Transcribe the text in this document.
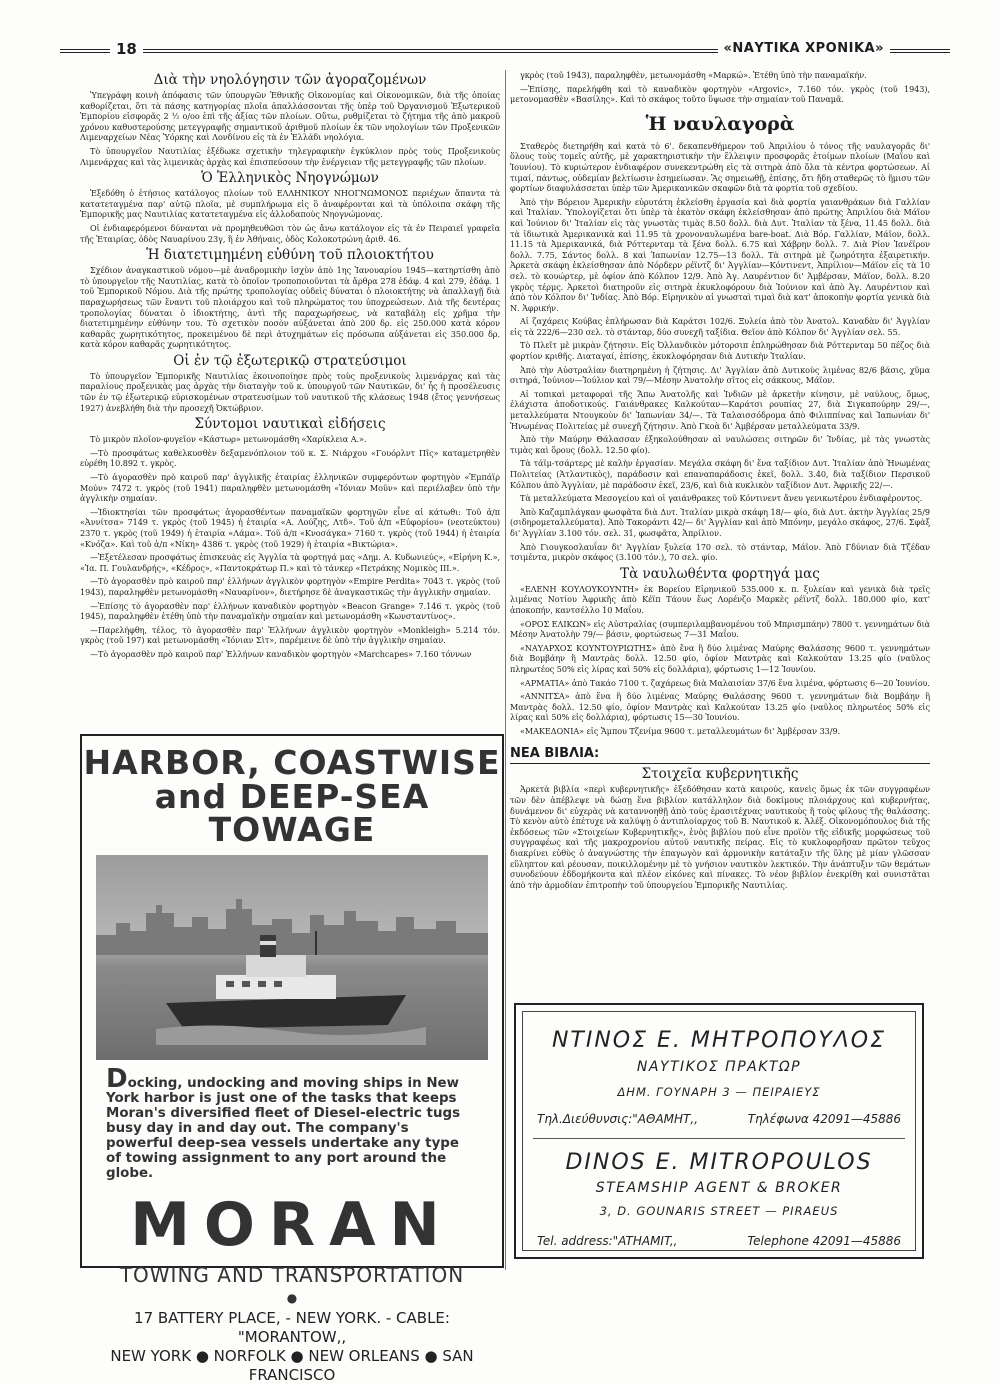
18	«ΝΑΥΤΙΚΑ ΧΡΟΝΙΚΑ»
Διὰ τὴν νηολόγησιν τῶν ἀγοραζομένων

Ὑπεγράφη κοινὴ ἀπόφασις τῶν ὑπουργῶν Ἐθνικῆς Οἰκονομίας καὶ Οἰκονομικῶν, διὰ τῆς ὁποίας καθορίζεται, ὅτι τὰ πάσης κατηγορίας πλοῖα ἀπαλλάσσονται τῆς ὑπὲρ τοῦ Ὀργανισμοῦ Ἐξωτερικοῦ Ἐμπορίου εἰσφορᾶς 2 ½ ο/οο ἐπὶ τῆς ἀξίας τῶν πλοίων. Οὕτω, ρυθμίζεται τὸ ζήτημα τῆς ἀπὸ μακροῦ χρόνου καθυστερούσης μετεγγραφῆς σημαντικοῦ ἀριθμοῦ πλοίων ἐκ τῶν νηολογίων τῶν Προξενικῶν Λιμεναρχείων Νέας Ὑόρκης καὶ Λονδίνου εἰς τὰ ἐν Ἑλλάδι νηολόγια.

Τὸ ὑπουργεῖον Ναυτιλίας ἐξέδωκε σχετικὴν τηλεγραφικὴν ἐγκύκλιον πρὸς τοὺς Προξενικοὺς Λιμενάρχας καὶ τὰς λιμενικὰς ἀρχὰς καὶ ἐπισπεύσουν τὴν ἐνέργειαν τῆς μετεγγραφῆς τῶν πλοίων.

Ὁ Ἑλληνικὸς Νηογνώμων

Ἐξεδόθη ὁ ἐτήσιος κατάλογος πλοίων τοῦ ΕΛΛΗΝΙΚΟΥ ΝΗΟΓΝΩΜΟΝΟΣ περιέχων ἅπαντα τὰ κατατεταγμένα παρ' αὐτῷ πλοῖα, μὲ συμπλήρωμα εἰς ὃ ἀναφέρονται καὶ τὰ ὑπόλοιπα σκάφη τῆς Ἐμπορικῆς μας Ναυτιλίας κατατεταγμένα εἰς ἀλλοδαποὺς Νηογνώμονας.

Οἱ ἐνδιαφερόμενοι δύνανται νὰ προμηθευθῶσι τὸν ὡς ἄνω κατάλογον εἰς τὰ ἐν Πειραιεῖ γραφεῖα τῆς Ἑταιρίας, ὁδὸς Ναυαρίνου 23γ, ἢ ἐν Ἀθήναις, ὁδὸς Κολοκοτρώνη ἀριθ. 46.

Ἡ διατετιμημένη εὐθύνη τοῦ πλοιοκτήτου

Σχέδιον ἀναγκαστικοῦ νόμου—μὲ ἀναδρομικὴν ἰσχὺν ἀπὸ 1ης Ἰανουαρίου 1945—κατηρτίσθη ἀπὸ τὸ ὑπουργεῖον τῆς Ναυτιλίας, κατὰ τὸ ὁποῖον τροποποιοῦνται τὰ ἄρθρα 278 ἐδάφ. 4 καὶ 279, ἐδάφ. 1 τοῦ Ἐμπορικοῦ Νόμου. Διὰ τῆς πρώτης τροπολογίας οὐδεὶς δύναται ὁ πλοιοκτήτης νὰ ἀπαλλαγῇ διὰ παραχωρήσεως τῶν ἔναντι τοῦ πλοιάρχου καὶ τοῦ πληρώματος του ὑποχρεώσεων. Διὰ τῆς δευτέρας τροπολογίας δύναται ὁ ἰδιοκτήτης, ἀντὶ τῆς παραχωρήσεως, νὰ καταβάλῃ εἰς χρῆμα τὴν διατετιμημένην εὐθύνην του. Τὸ σχετικὸν ποσὸν αὐξάνεται ἀπὸ 200 δρ. εἰς 250.000 κατὰ κόρον καθαρᾶς χωρητικότητος, προκειμένου δὲ περὶ ἀτυχημάτων εἰς πρόσωπα αὐξάνεται εἰς 350.000 δρ. κατὰ κόρον καθαρᾶς χωρητικότητος.

Οἱ ἐν τῷ ἐξωτερικῷ στρατεύσιμοι

Τὸ ὑπουργεῖον Ἐμπορικῆς Ναυτιλίας ἐκοινοποίησε πρὸς τοὺς προξενικοὺς λιμενάρχας καὶ τὰς παραλίους προξενικὰς μας ἀρχὰς τὴν διαταγὴν τοῦ κ. ὑπουργοῦ τῶν Ναυτικῶν, δι' ἧς ἡ προσέλευσις τῶν ἐν τῷ ἐξωτερικῷ εὑρισκομένων στρατευσίμων τοῦ ναυτικοῦ τῆς κλάσεως 1948 (ἔτος γεννήσεως 1927) ἀνεβλήθη διὰ τὴν προσεχῆ Ὀκτώβριον.

Σύντομοι ναυτικαὶ εἰδήσεις

Τὸ μικρὸν πλοῖον-φυγεῖον «Κάστωρ» μετωνομάσθη «Χαρίκλεια Α.».

—Τὸ προσφάτως καθελκυσθὲν δεξαμενόπλοιον τοῦ κ. Σ. Νιάρχου «Γουόρλντ Πῖς» καταμετρηθὲν εὑρέθη 10.892 τ. γκρὸς.

—Τὸ ἀγορασθὲν πρὸ καιροῦ παρ' ἀγγλικῆς ἑταιρίας ἑλληνικῶν συμφερόντων φορτηγὸν «Ἐμπάϊρ Μούν» 7472 τ. γκρὸς (τοῦ 1941) παραληφθὲν μετωνομάσθη «Ἰόνιαν Μοῦν» καὶ περιέλαβεν ὑπὸ τὴν ἀγγλικὴν σημαίαν.

—Ἰδιοκτησίαι τῶν προσφάτως ἀγορασθέντων παναμαϊκῶν φορτηγῶν εἶνε αἱ κάτωθι: Τοῦ ἀ/π «Ἀννίτσα» 7149 τ. γκρὸς (τοῦ 1945) ἡ ἑταιρία «Α. Λούζης, Λτδ». Τοῦ ἀ/π «Εὐφορίου» (νεοτεύκτου) 2370 τ. γκρὸς (τοῦ 1949) ἡ ἑταιρία «Λάμα». Τοῦ ἀ/π «Κνοσάγκα» 7160 τ. γκρὸς (τοῦ 1944) ἡ ἑταιρία «Κνόζα». Καὶ τοῦ ἀ/π «Νίκη» 4386 τ. γκρὸς (τοῦ 1929) ἡ ἑταιρία «Βικτώρια».

—Ἐξετέλεσαν προσφάτως ἐπισκευὰς εἰς Ἀγγλία τὰ φορτηγά μας «Δημ. Α. Κυδωνιεύς», «Εἰρήνη Κ.», «Ἰα. Π. Γουλανδρής», «Κέδρος», «Παντοκράτωρ Π.» καὶ τὸ τάνκερ «Πετράκης Νομικὸς ΙΙΙ.».

—Τὸ ἀγορασθὲν πρὸ καιροῦ παρ' ἑλλήνων ἀγγλικὸν φορτηγὸν «Empire Perdita» 7043 τ. γκρὸς (τοῦ 1943), παραληφθὲν μετωνομάσθη «Ναυαρίνον», διετήρησε δὲ ἀναγκαστικῶς τὴν ἀγγλικὴν σημαίαν.

—Ἐπίσης τὸ ἀγορασθὲν παρ' ἑλλήνων καναδικὸν φορτηγὸν «Beacon Grange» 7.146 τ. γκρὸς (τοῦ 1945), παραληφθὲν ἐτέθη ὑπὸ τὴν παναμαϊκὴν σημαίαν καὶ μετωνομάσθη «Κωνσταντίνος».

—Παρελήφθη, τέλος, τὸ ἀγορασθὲν παρ' Ἑλλήνων ἀγγλικὸν φορτηγὸν «Monkleigh» 5.214 τόν. γκρὸς (τοῦ 197) καὶ μετωνομάσθη «Ἰόνιαν Σὶτ», παρέμεινε δὲ ὑπὸ τὴν ἀγγλικὴν σημαίαν.

—Τὸ ἀγορασθὲν πρὸ καιροῦ παρ' Ἑλλήνων καναδικὸν φορτηγὸν «Marchcapes» 7.160 τόννων

HARBOR, COASTWISE
and DEEP-SEA TOWAGE
Docking, undocking and moving ships in New York harbor is just one of the tasks that keeps Moran's diversified fleet of Diesel-electric tugs busy day in and day out. The company's powerful deep-sea vessels undertake any type of towing assignment to any port around the globe.
MORAN
TOWING AND TRANSPORTATION
●
17 BATTERY PLACE, - NEW YORK. - CABLE: "MORANTOW,,
NEW YORK ● NORFOLK ● NEW ORLEANS ● SAN FRANCISCO

γκρὸς (τοῦ 1943), παραληφθὲν, μετωνομάσθη «Μαρκώ». Ἐτέθη ὑπὸ τὴν παναμαϊκήν.

—Ἐπίσης, παρελήφθη καὶ τὸ καναδικὸν φορτηγὸν «Argovic», 7.160 τόν. γκρὸς (τοῦ 1943), μετονομασθὲν «Βασίλης». Καὶ τὸ σκάφος τοῦτο ὕψωσε τὴν σημαίαν τοῦ Παναμᾶ.

Ἡ ναυλαγορὰ

Σταθερὸς διετηρήθη καὶ κατὰ τὸ 6'. δεκαπενθήμερον τοῦ Ἀπριλίου ὁ τόνος τῆς ναυλαγορᾶς δι' ὅλους τοὺς τομεῖς αὐτῆς, μὲ χαρακτηριστικὴν τὴν ἔλλειψιν προσφορᾶς ἑτοίμων πλοίων (Μαΐου καὶ Ἰουνίου). Τὸ κυριώτερον ἐνδιαφέρον συνεκεντρώθη εἰς τὰ σιτηρὰ ἀπὸ ὅλα τὰ κέντρα φορτώσεων. Αἱ τιμαί, πάντως, οὐδεμίαν βελτίωσιν ἐσημείωσαν. Ἂς σημειωθῇ, ἐπίσης, ὅτι ἤδη σταθερῶς τὸ ἥμισυ τῶν φορτίων διαφυλάσσεται ὑπὲρ τῶν Ἀμερικανικῶν σκαφῶν διὰ τὰ φορτία τοῦ σχεδίου.

Ἀπὸ τὴν Βόρειον Ἀμερικὴν εὐρυτάτη ἐκλείσθη ἐργασία καὶ διὰ φορτία γαιανθράκων διὰ Γαλλίαν καὶ Ἰταλίαν. Ὑπολογίζεται ὅτι ὑπὲρ τὰ ἑκατὸν σκάφη ἐκλείσθησαν ἀπὸ πρώτης Ἀπριλίου διὰ Μάϊον καὶ Ἰούνιον δι' Ἰταλίαν εἰς τὰς γνωστὰς τιμὰς 8.50 δολλ. διὰ Δυτ. Ἰταλίαν τὰ ξένα, 11.45 δολλ. διὰ τὰ ἰδιωτικὰ Ἀμερικανικὰ καὶ 11.95 τὰ χρονοναυλωμένα bare-boat. Διὰ Βόρ. Γαλλίαν, Μάϊον, δολλ. 11.15 τὰ Ἀμερικανικά, διὰ Ρόττερνταμ τὰ ξένα δολλ. 6.75 καὶ Χάβρην δολλ. 7. Διὰ Ρίον Ἰανέϊρον δολλ. 7.75, Σάντος δολλ. 8 καὶ Ἰαπωνίαν 12.75—13 δολλ. Τὰ σιτηρὰ μὲ ζωηρότητα ἐξαιρετικήν. Ἀρκετὰ σκάφη ἐκλείσθησαν ἀπὸ Νόρδερν ρέϊντζ δι' Ἀγγλίαν—Κόντινεντ, Ἀπρίλιον—Μάϊον εἰς τὰ 10 σελ. τὸ κουώρτερ, μὲ ὀφίον ἀπὸ Κόλπον 12/9. Ἀπὸ Ἀγ. Λαυρέντιον δι' Ἀμβέρσαν, Μάϊον, δολλ. 8.20 γκρὸς τέρμς. Ἀρκετοὶ διατηροῦν εἰς σιτηρὰ ἐκυκλοφόρουν διὰ Ἰούνιον καὶ ἀπὸ Ἀγ. Λαυρέντιον καὶ ἀπὸ τὸν Κόλπον δι' Ἰνδίας. Ἀπὸ Βόρ. Εἰρηνικὸν αἱ γνωσταὶ τιμαὶ διὰ κατ' ἀποκοπὴν φορτία γενικὰ διὰ Ν. Ἀφρικήν.

Αἱ ζαχάρεις Κούβας ἐπλήρωσαν διὰ Καράτσι 102/6. Ξυλεία ἀπὸ τὸν Ἀνατολ. Καναδὰν δι' Ἀγγλίαν εἰς τὰ 222/6—230 σελ. τὸ στάνταρ, δύο συνεχῆ ταξίδια. Θεῖον ἀπὸ Κόλπον δι' Ἀγγλίαν σελ. 55.

Τὸ Πλεῖτ μὲ μικρὰν ζήτησιν. Εἰς Ὀλλανδικὸν μότορσιπ ἐπληρώθησαν διὰ Ρόττερνταμ 50 πέζος διὰ φορτίον κριθῆς. Διαταγαί, ἐπίσης, ἐκυκλοφόρησαν διὰ Δυτικὴν Ἰταλίαν.

Ἀπὸ τὴν Αὐστραλίαν διατηρημένη ἡ ζήτησις. Δι' Ἀγγλίαν ἀπὸ Δυτικοὺς λιμένας 82/6 βάσις, χῦμα σιτηρά, Ἰούνιον—Ἰούλιον καὶ 79/—Μέσην Ἀνατολὴν σῖτος εἰς σάκκους, Μάϊον.

Αἱ τοπικαὶ μεταφοραὶ τῆς Ἄπω Ἀνατολῆς καὶ Ἰνδιῶν μὲ ἀρκετὴν κίνησιν, μὲ ναύλους, ὅμως, ἐλάχιστα ἀποδοτικούς. Γαιάνθρακες Καλκούταν—Καράτσι ρουπίας 27, διὰ Σιγκαπούρην 29/—, μεταλλεύματα Ντουγκοὺν δι' Ἰαπωνίαν 34/—. Τὰ Ταλαισσόδρομα ἀπὸ Φιλιππίνας καὶ Ἰαπωνίαν δι' Ἡνωμένας Πολιτείας μὲ συνεχῆ ζήτησιν. Ἀπὸ Γκοὰ δι' Ἀμβέρσαν μεταλλεύματα 33/9.

Ἀπὸ τὴν Μαύρην Θάλασσαν ἐξηκολούθησαν αἱ ναυλώσεις σιτηρῶν δι' Ἰνδίας, μὲ τὰς γνωστὰς τιμὰς καὶ ὅρους (δολλ. 12.50 φίο).

Τὰ τάϊμ-τσάρτερς μὲ καλὴν ἐργασίαν. Μεγάλα σκάφη δι' ἕνα ταξίδιον Δυτ. Ἰταλίαν ἀπὸ Ἡνωμένας Πολιτείας (Ἀτλαντικὸς), παράδοσιν καὶ επαναπαράδοσις ἐκεῖ, δολλ. 3.40, διὰ ταξίδιον Περσικοῦ Κόλπου ἀπὸ Ἀγγλίαν, μὲ παράδοσιν ἐκεῖ, 23/6, καὶ διὰ κυκλικὸν ταξίδιον Δυτ. Ἀφρικῆς 22/—.

Τὰ μεταλλεύματα Μεσογείου καὶ οἱ γαιάνθρακες τοῦ Κόντινεντ ἄνευ γενικωτέρου ἐνδιαφέροντος.

Ἀπὸ Καζαμπλάγκαν φωσφᾶτα διὰ Δυτ. Ἰταλίαν μικρὰ σκάφη 18/— φίο, διὰ Δυτ. ἀκτὴν Ἀγγλίας 25/9 (σιδηρομεταλλεύματα). Ἀπὸ Τακοράντι 42/— δι' Ἀγγλίαν καὶ ἀπὸ Μπόνην, μεγάλο σκάφος, 27/6. Σφὰξ δι' Ἀγγλίαν 3.100 τόν. σελ. 31, φωσφᾶτα, Ἀπρίλιον.

Ἀπὸ Γιουγκοσλαυΐαν δι' Ἀγγλίαν ξυλεία 170 σελ. τὸ στάνταρ, Μάϊον. Ἀπὸ Γδύνιαν διὰ Τζέδαν τσιμέντα, μικρὸν σκάφος (3.100 τόν.), 70 σελ. φίο.

Τὰ ναυλωθέντα φορτηγά μας

«ΕΛΕΝΗ ΚΟΥΛΟΥΚΟΥΝΤΗ» ἐκ Βορείου Εἰρηνικοῦ 535.000 κ. π. ξυλείαν καὶ γενικὰ διὰ τρεῖς λιμένας Νοτίου Ἀφρικῆς ἀπὸ Κέϊπ Τάουν ἕως Λορένζο Μαρκὲς ρέϊντζ δολλ. 180.000 φίο, κατ' ἀποκοπήν, καντσέλλο 10 Μαΐου.

«ΟΡΟΣ ΕΛΙΚΩΝ» εἰς Αὐστραλίας (συμπεριλαμβανομένου τοῦ Μπρισμπάην) 7800 τ. γεννημάτων διὰ Μέσην Ἀνατολὴν 79/— βάσιν, φορτώσεως 7—31 Μαΐου.

«ΝΑΥΑΡΧΟΣ ΚΟΥΝΤΟΥΡΙΩΤΗΣ» ἀπὸ ἕνα ἢ δύο λιμένας Μαύρης Θαλάσσης 9600 τ. γεννημάτων διὰ Βομβάην ἢ Μαντρὰς δολλ. 12.50 φίο, ὀφίον Μαντρὰς καὶ Καλκούταν 13.25 φίο (ναῦλος πληρωτέος 50% εἰς λίρας καὶ 50% εἰς δολλάρια), φόρτωσις 1—12 Ἰουνίου.

«ΑΡΜΑΤΙΑ» ἀπὸ Τακάο 7100 τ. ζαχάρεως διὰ Μαλαισίαν 37/6 ἕνα λιμένα, φόρτωσις 6—20 Ἰουνίου.

«ΑΝΝΙΤΣΑ» ἀπὸ ἕνα ἢ δύο λιμένας Μαύρης Θαλάσσης 9600 τ. γεννημάτων διὰ Βομβάην ἢ Μαντρὰς δολλ. 12.50 φίο, ὀφίον Μαντρὰς καὶ Καλκούταν 13.25 φίο (ναῦλος πληρωτέος 50% εἰς λίρας καὶ 50% εἰς δολλάρια), φόρτωσις 15—30 Ἰουνίου.

«ΜΑΚΕΔΟΝΙΑ» εἰς Ἄμπου Τζενίμα 9600 τ. μεταλλευμάτων δι' Ἀμβέρσαν 33/9.

ΝΕΑ ΒΙΒΛΙΑ:
Στοιχεῖα κυβερνητικῆς

Ἀρκετὰ βιβλία «περὶ κυβερνητικῆς» ἐξεδόθησαν κατὰ καιρούς, κανεὶς ὅμως ἐκ τῶν συγγραφέων τῶν δὲν ἀπέβλεψε νὰ δώσῃ ἕνα βιβλίον κατάλληλον διὰ δοκίμους πλοιάρχους καὶ κυβερνήτας, δυνάμενον δι' εὐχερὰς νὰ καταννοηθῇ ἀπὸ τοὺς ἐρασιτέχνας ναυτικοὺς ἢ τοὺς φίλους τῆς θαλάσσης. Τὸ κενὸν αὐτὸ ἐπέτυχε νὰ καλύψῃ ὁ ἀντιπλοίαρχος τοῦ Β. Ναυτικοῦ κ. Ἀλέξ. Οἰκονομόπουλος διὰ τῆς ἐκδόσεως τῶν «Στοιχείων Κυβερνητικῆς», ἑνὸς βιβλίου ποὺ εἶνε προϊὸν τῆς εἰδικῆς μορφώσεως τοῦ συγγραφέως καὶ τῆς μακροχρονίου αὐτοῦ ναυτικῆς πείρας. Εἰς τὸ κυκλοφορῆσαν πρῶτον τεῦχος διακρίνει εὐθὺς ὁ ἀναγνώστης τὴν ἐπαγωγὸν καὶ ἁρμονικὴν κατάταξιν τῆς ὕλης μὲ μίαν γλῶσσαν εὔληπτον καὶ ρέουσαν, ποικιλλομένην μὲ τὸ γνήσιον ναυτικὸν λεκτικόν. Τὴν ἀνάπτυξιν τῶν θεμάτων συνοδεύουν ἐδδομήκοντα καὶ πλέον εἰκόνες καὶ πίνακες. Τὸ νέον βιβλίον ἐνεκρίθη καὶ συνιστᾶται ἀπὸ τὴν ἁρμοδίαν ἐπιτροπὴν τοῦ ὑπουργείου Ἐμπορικῆς Ναυτιλίας.

ΝΤΙΝΟΣ Ε. ΜΗΤΡΟΠΟΥΛΟΣ
ΝΑΥΤΙΚΟΣ ΠΡΑΚΤΩΡ
ΔΗΜ. ΓΟΥΝΑΡΗ 3 — ΠΕΙΡΑΙΕΥΣ
Τηλ.Διεύθυνσις:"ΑΘΑΜΗΤ,,	Τηλέφωνα 42091—45886
DINOS E. MITROPOULOS
STEAMSHIP AGENT & BROKER
3, D. GOUNARIS STREET — PIRAEUS
Tel. address:"ATHAMIT,,	Telephone 42091—45886
